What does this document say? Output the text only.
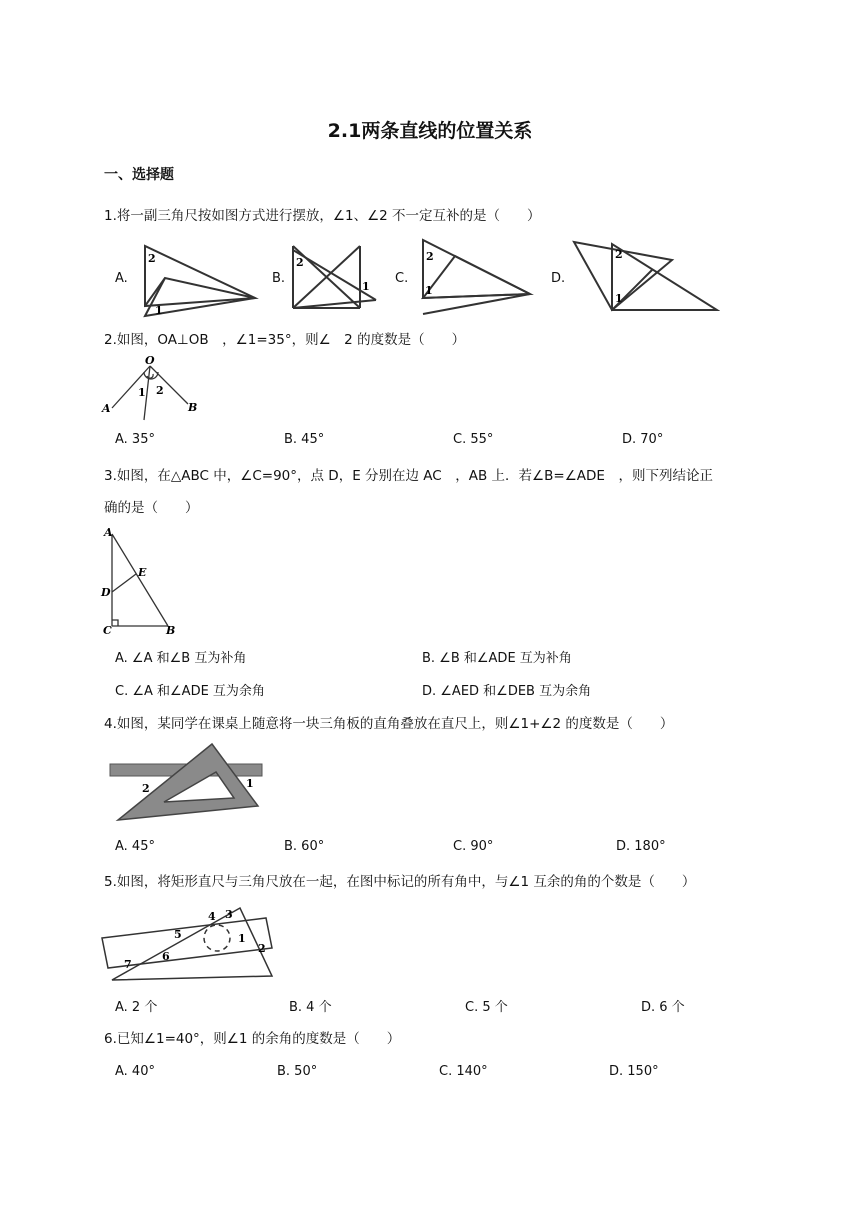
2.1两条直线的位置关系
一、选择题
1.将一副三角尺按如图方式进行摆放，∠1、∠2 不一定互补的是（　　）
A.	B.	C.	D.
2
1
2
1
2
1
2
1
2.如图，OA⊥OB　，∠1=35°，则∠　2 的度数是（　　）
O
A	B
1 2
A. 35°	B. 45°	C. 55°	D. 70°
3.如图，在△ABC 中，∠C=90°，点 D，E 分别在边 AC　，AB 上．若∠B=∠ADE　，则下列结论正
确的是（　　）
A
E
D
C	B
A. ∠A 和∠B 互为补角	B. ∠B 和∠ADE 互为补角
C. ∠A 和∠ADE 互为余角	D. ∠AED 和∠DEB 互为余角
4.如图，某同学在课桌上随意将一块三角板的直角叠放在直尺上，则∠1+∠2 的度数是（　　）
2	1
A. 45°	B. 60°	C. 90°	D. 180°
5.如图，将矩形直尺与三角尺放在一起，在图中标记的所有角中，与∠1 互余的角的个数是（　　）
4 3
5	1
2
6
7
A. 2 个	B. 4 个	C. 5 个	D. 6 个
6.已知∠1=40°，则∠1 的余角的度数是（　　）
A. 40°	B. 50°	C. 140°	D. 150°
